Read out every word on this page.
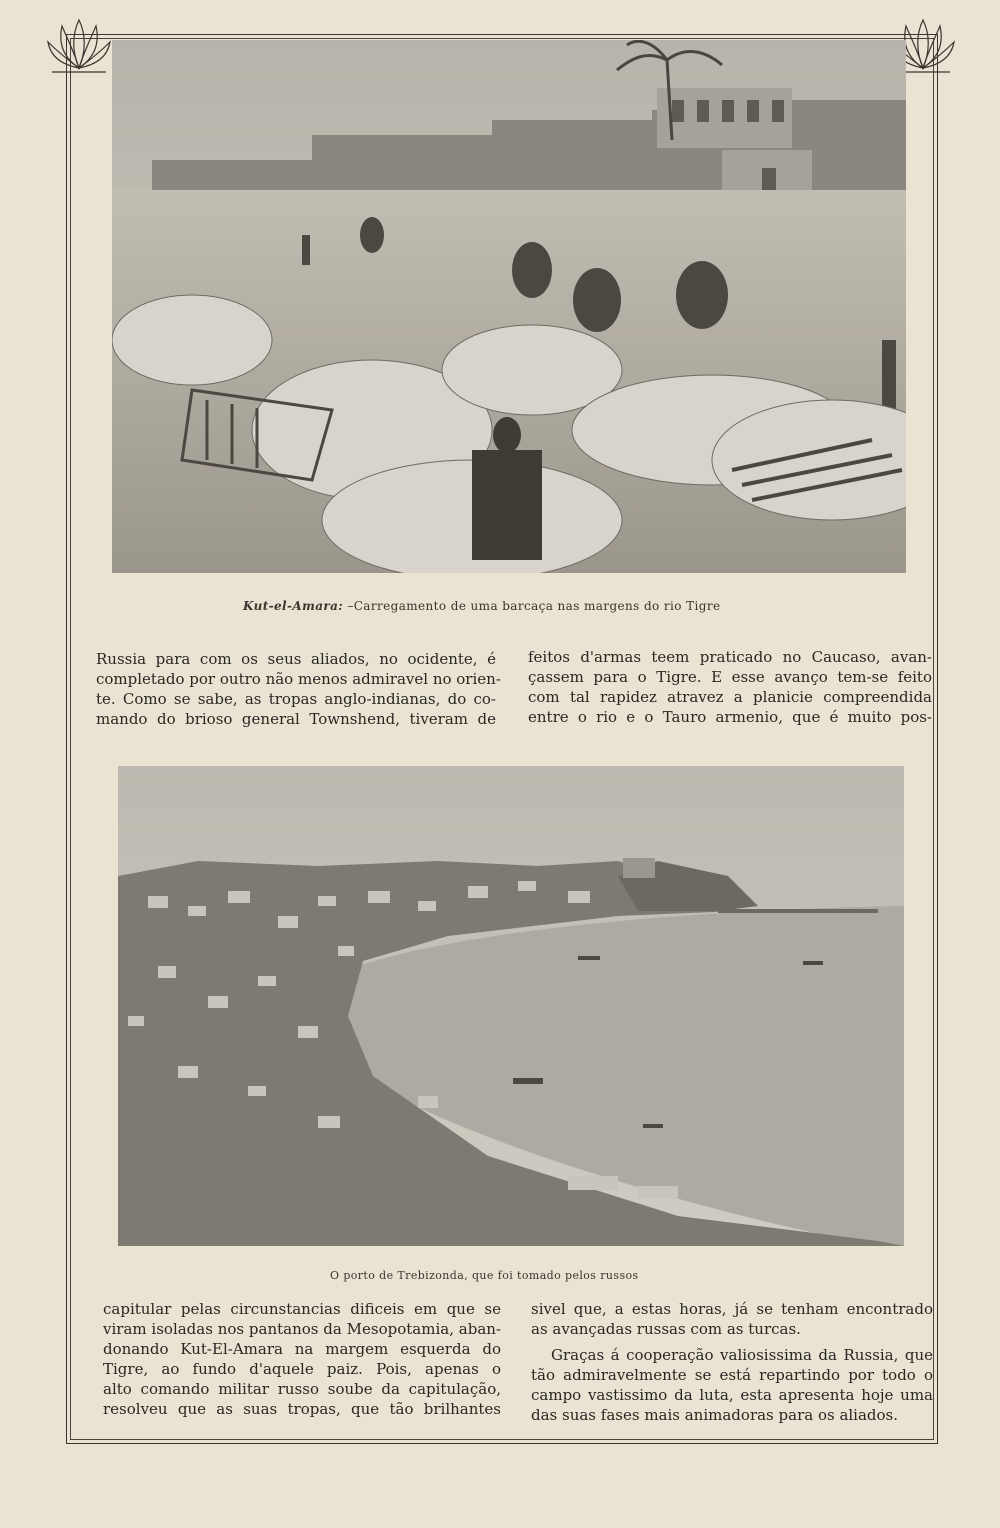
Kut-el-Amara: –Carregamento de uma barcaça nas margens do rio Tigre
Russia para com os seus aliados, no ocidente, é
completado por outro não menos admiravel no orien-
te. Como se sabe, as tropas anglo-indianas, do co-
mando do brioso general Townshend, tiveram de
feitos d'armas teem praticado no Caucaso, avan-
çassem para o Tigre. E esse avanço tem-se feito
com tal rapidez atravez a planicie compreendida
entre o rio e o Tauro armenio, que é muito pos-
O porto de Trebizonda, que foi tomado pelos russos
capitular pelas circunstancias dificeis em que se
viram isoladas nos pantanos da Mesopotamia, aban-
donando Kut-El-Amara na margem esquerda do
Tigre, ao fundo d'aquele paiz. Pois, apenas o
alto comando militar russo soube da capitulação,
resolveu que as suas tropas, que tão brilhantes
sivel que, a estas horas, já se tenham encontrado
as avançadas russas com as turcas.
Graças á cooperação valiosissima da Russia, que
tão admiravelmente se está repartindo por todo o
campo vastissimo da luta, esta apresenta hoje uma
das suas fases mais animadoras para os aliados.
